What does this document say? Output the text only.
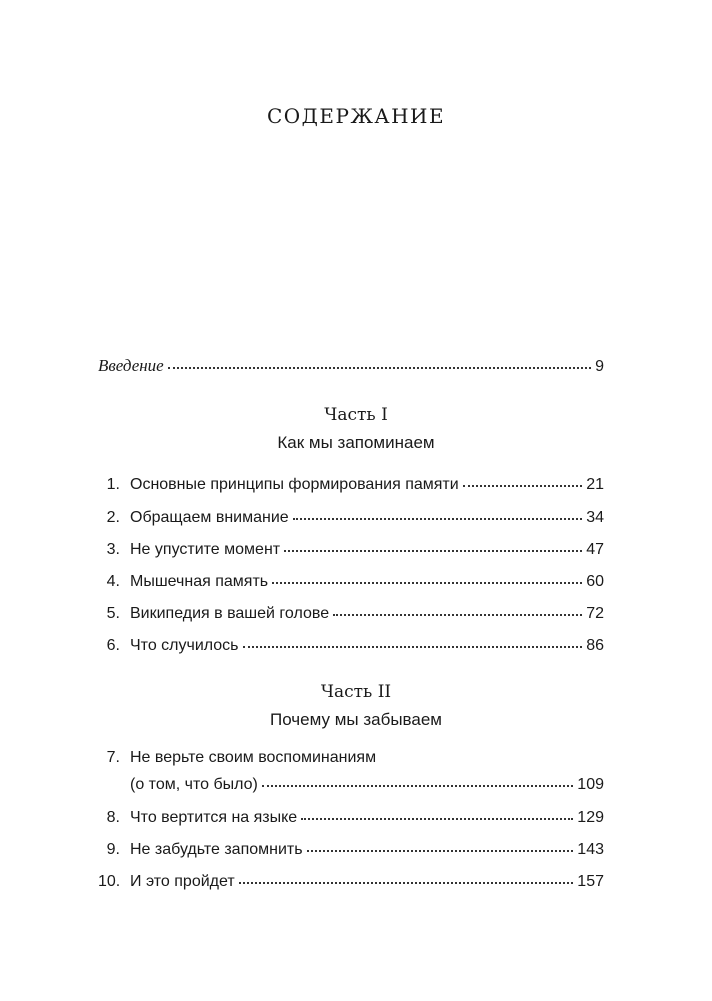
СОДЕРЖАНИЕ
Введение	9
Часть I
Как мы запоминаем
1. Основные принципы формирования памяти	21
2. Обращаем внимание	34
3. Не упустите момент	47
4. Мышечная память	60
5. Википедия в вашей голове	72
6. Что случилось	86
Часть II
Почему мы забываем
7. Не верьте своим воспоминаниям
(о том, что было)	109
8. Что вертится на языке	129
9. Не забудьте запомнить	143
10. И это пройдет	157
